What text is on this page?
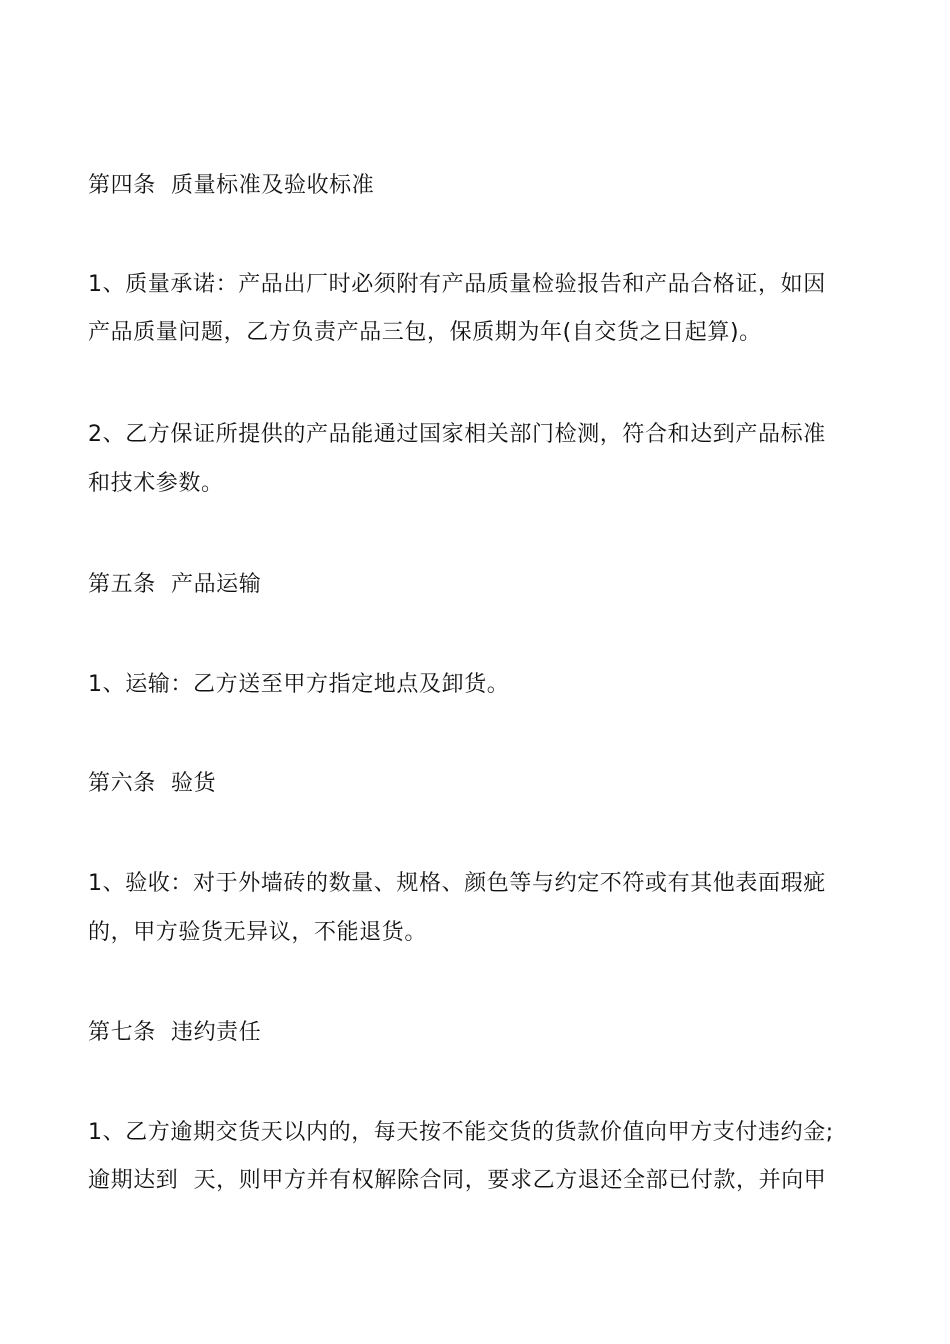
第四条  质量标准及验收标准
1、质量承诺：产品出厂时必须附有产品质量检验报告和产品合格证，如因
产品质量问题，乙方负责产品三包，保质期为年(自交货之日起算)。
2、乙方保证所提供的产品能通过国家相关部门检测，符合和达到产品标准
和技术参数。
第五条  产品运输
1、运输：乙方送至甲方指定地点及卸货。
第六条  验货
1、验收：对于外墙砖的数量、规格、颜色等与约定不符或有其他表面瑕疵
的，甲方验货无异议，不能退货。
第七条  违约责任
1、乙方逾期交货天以内的，每天按不能交货的货款价值向甲方支付违约金;
逾期达到  天，则甲方并有权解除合同，要求乙方退还全部已付款，并向甲
